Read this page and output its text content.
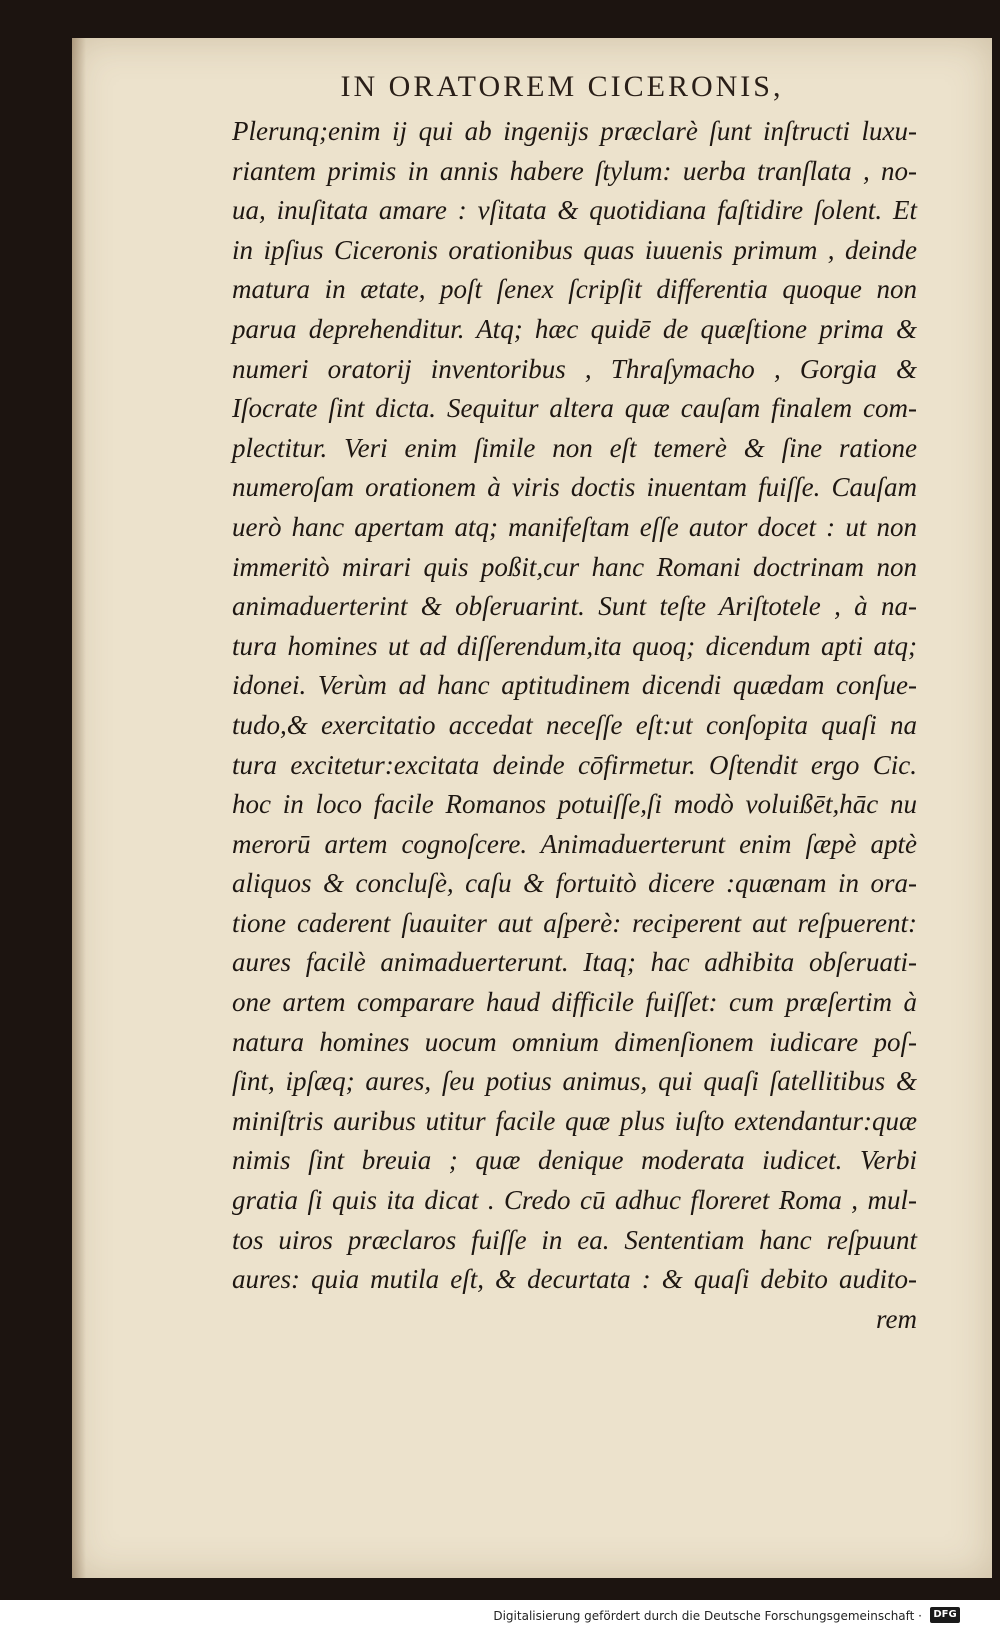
IN ORATOREM CICERONIS,
Plerunq;enim ij qui ab ingenijs præclarè ſunt inſtructi luxu-
riantem primis in annis habere ſtylum: uerba tranſlata , no-
ua, inuſitata amare : vſitata & quotidiana faſtidire ſolent. Et
in ipſius Ciceronis orationibus quas iuuenis primum , deinde
matura in ætate, poſt ſenex ſcripſit differentia quoque non
parua deprehenditur. Atq; hæc quidē de quæſtione prima &
numeri oratorij inventoribus , Thraſymacho , Gorgia &
Iſocrate ſint dicta. Sequitur altera quæ cauſam finalem com-
plectitur. Veri enim ſimile non eſt temerè & ſine ratione
numeroſam orationem à viris doctis inuentam fuiſſe. Cauſam
uerò hanc apertam atq; manifeſtam eſſe autor docet : ut non
immeritò mirari quis poßit,cur hanc Romani doctrinam non
animaduerterint & obſeruarint. Sunt teſte Ariſtotele , à na-
tura homines ut ad diſſerendum,ita quoq; dicendum apti atq;
idonei. Verùm ad hanc aptitudinem dicendi quædam conſue-
tudo,& exercitatio accedat neceſſe eſt:ut conſopita quaſi na
tura excitetur:excitata deinde cōfirmetur. Oſtendit ergo Cic.
hoc in loco facile Romanos potuiſſe,ſi modò voluißēt,hāc nu
merorū artem cognoſcere. Animaduerterunt enim ſæpè aptè
aliquos & concluſè, caſu & fortuitò dicere :quænam in ora-
tione caderent ſuauiter aut aſperè: reciperent aut reſpuerent:
aures facilè animaduerterunt. Itaq; hac adhibita obſeruati-
one artem comparare haud difficile fuiſſet: cum præſertim à
natura homines uocum omnium dimenſionem iudicare poſ-
ſint, ipſæq; aures, ſeu potius animus, qui quaſi ſatellitibus &
miniſtris auribus utitur facile quæ plus iuſto extendantur:quæ
nimis ſint breuia ; quæ denique moderata iudicet. Verbi
gratia ſi quis ita dicat . Credo cū adhuc floreret Roma , mul-
tos uiros præclaros fuiſſe in ea. Sententiam hanc reſpuunt
aures: quia mutila eſt, & decurtata : & quaſi debito audito-
rem
Digitalisierung gefördert durch die Deutsche Forschungsgemeinschaft ·	DFG
